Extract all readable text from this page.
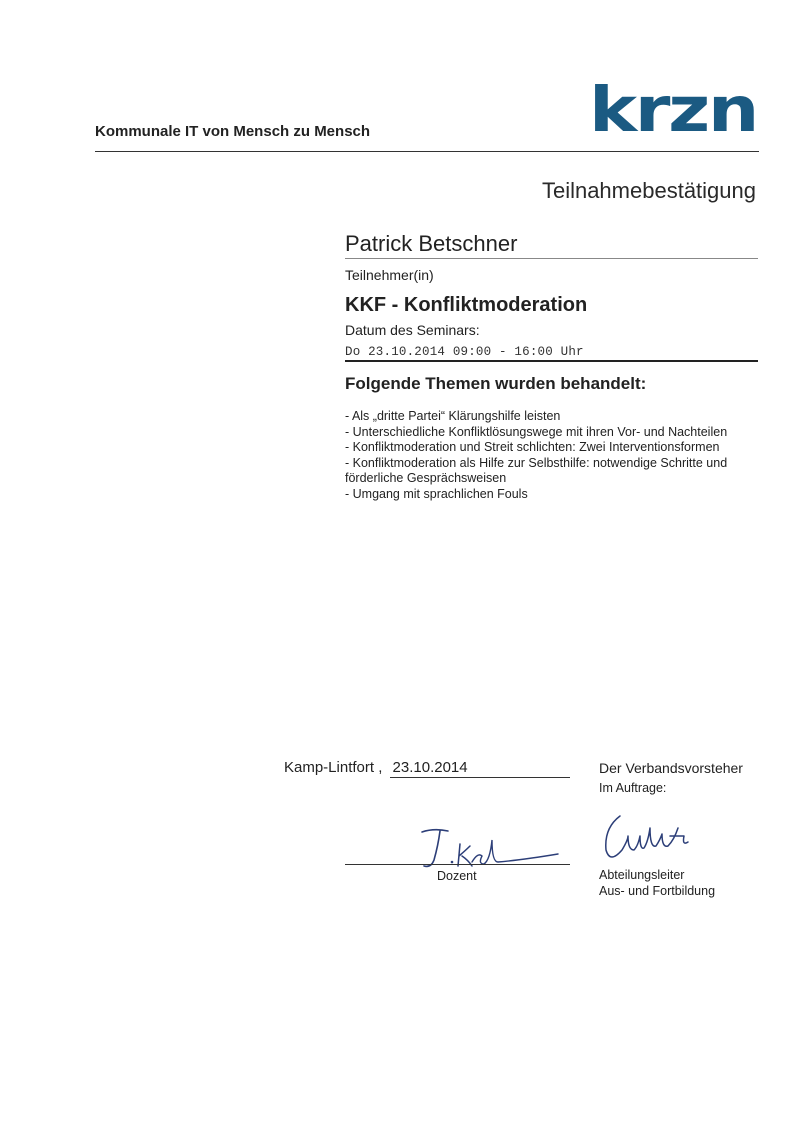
Kommunale IT von Mensch zu Mensch	krzn
Teilnahmebestätigung
Patrick Betschner
Teilnehmer(in)
KKF - Konfliktmoderation
Datum des Seminars:
Do 23.10.2014 09:00 - 16:00 Uhr
Folgende Themen wurden behandelt:
- Als „dritte Partei“ Klärungshilfe leisten
- Unterschiedliche Konfliktlösungswege mit ihren Vor- und Nachteilen
- Konfliktmoderation und Streit schlichten: Zwei Interventionsformen
- Konfliktmoderation als Hilfe zur Selbsthilfe: notwendige Schritte und förderliche Gesprächsweisen
- Umgang mit sprachlichen Fouls
Kamp-Lintfort , 23.10.2014	Der Verbandsvorsteher
Im Auftrage:
Dozent	Abteilungsleiter
Aus- und Fortbildung
